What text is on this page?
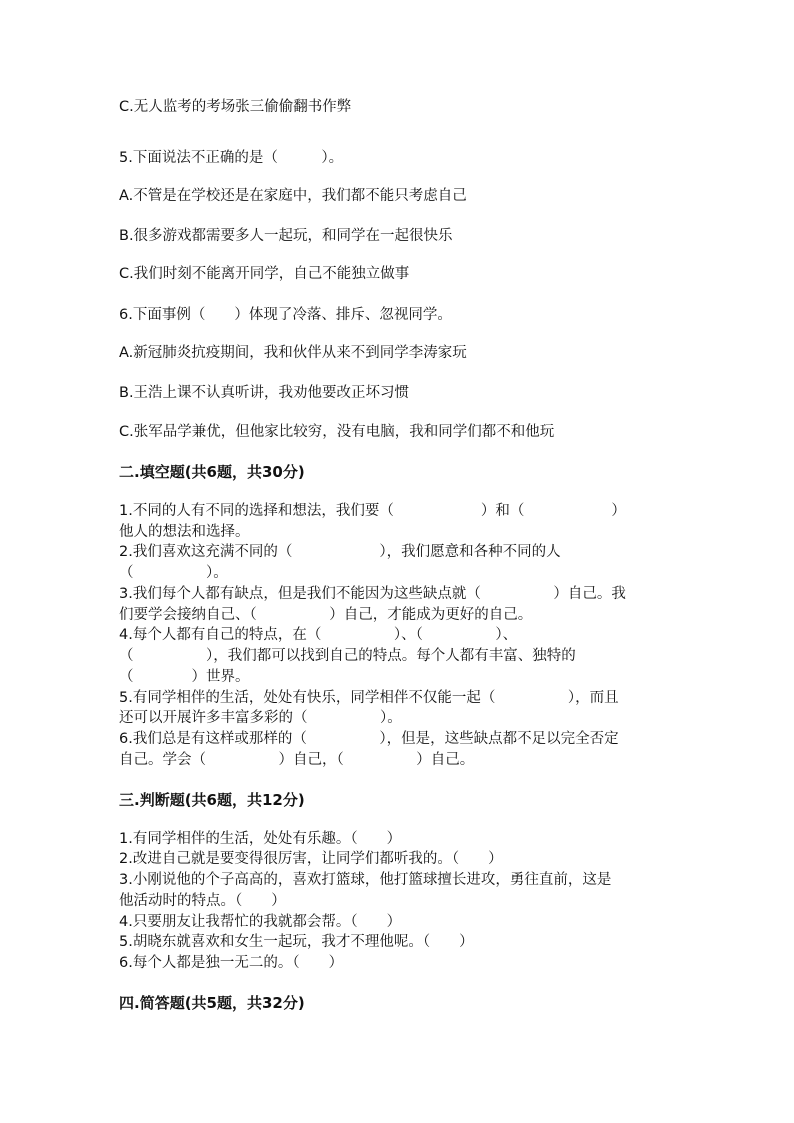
C.无人监考的考场张三偷偷翻书作弊
5.下面说法不正确的是（　　　）。
A.不管是在学校还是在家庭中，我们都不能只考虑自己
B.很多游戏都需要多人一起玩，和同学在一起很快乐
C.我们时刻不能离开同学，自己不能独立做事
6.下面事例（　　）体现了冷落、排斥、忽视同学。
A.新冠肺炎抗疫期间，我和伙伴从来不到同学李涛家玩
B.王浩上课不认真听讲，我劝他要改正坏习惯
C.张军品学兼优，但他家比较穷，没有电脑，我和同学们都不和他玩
二.填空题(共6题，共30分)
1.不同的人有不同的选择和想法，我们要（　　　　　　）和（　　　　　　）
他人的想法和选择。
2.我们喜欢这充满不同的（　　　　　　），我们愿意和各种不同的人
（　　　　　）。
3.我们每个人都有缺点，但是我们不能因为这些缺点就（　　　　　）自己。我
们要学会接纳自己、（　　　　　）自己，才能成为更好的自己。
4.每个人都有自己的特点，在（　　　　　）、（　　　　　）、
（　　　　　），我们都可以找到自己的特点。每个人都有丰富、独特的
（　　　　）世界。
5.有同学相伴的生活，处处有快乐，同学相伴不仅能一起（　　　　　），而且
还可以开展许多丰富多彩的（　　　　　）。
6.我们总是有这样或那样的（　　　　　），但是，这些缺点都不足以完全否定
自己。学会（　　　　　）自己，（　　　　　）自己。
三.判断题(共6题，共12分)
1.有同学相伴的生活，处处有乐趣。（　　）
2.改进自己就是要变得很厉害，让同学们都听我的。（　　）
3.小刚说他的个子高高的，喜欢打篮球，他打篮球擅长进攻，勇往直前，这是
他活动时的特点。（　　）
4.只要朋友让我帮忙的我就都会帮。（　　）
5.胡晓东就喜欢和女生一起玩，我才不理他呢。（　　）
6.每个人都是独一无二的。（　　）
四.简答题(共5题，共32分)
